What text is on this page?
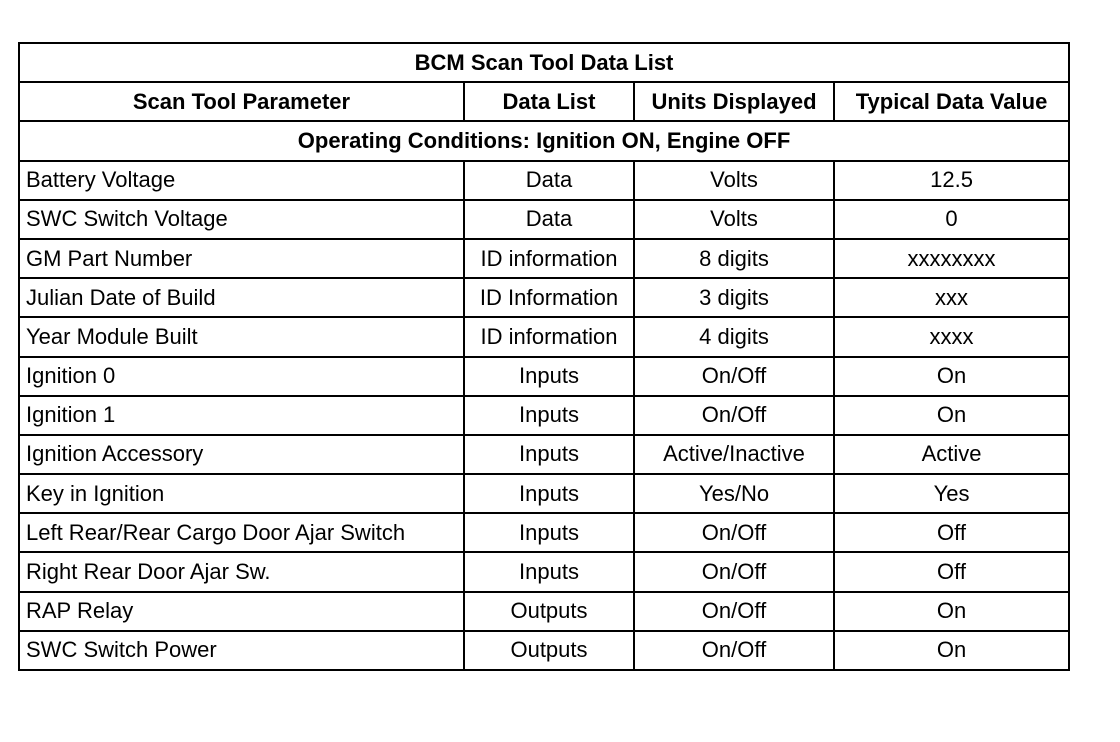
BCM Scan Tool Data List			
Scan Tool Parameter	Data List	Units Displayed	Typical Data Value
Operating Conditions: Ignition ON, Engine OFF			
Battery Voltage	Data	Volts	12.5
SWC Switch Voltage	Data	Volts	0
GM Part Number	ID information	8 digits	xxxxxxxx
Julian Date of Build	ID Information	3 digits	xxx
Year Module Built	ID information	4 digits	xxxx
Ignition 0	Inputs	On/Off	On
Ignition 1	Inputs	On/Off	On
Ignition Accessory	Inputs	Active/Inactive	Active
Key in Ignition	Inputs	Yes/No	Yes
Left Rear/Rear Cargo Door Ajar Switch	Inputs	On/Off	Off
Right Rear Door Ajar Sw.	Inputs	On/Off	Off
RAP Relay	Outputs	On/Off	On
SWC Switch Power	Outputs	On/Off	On
